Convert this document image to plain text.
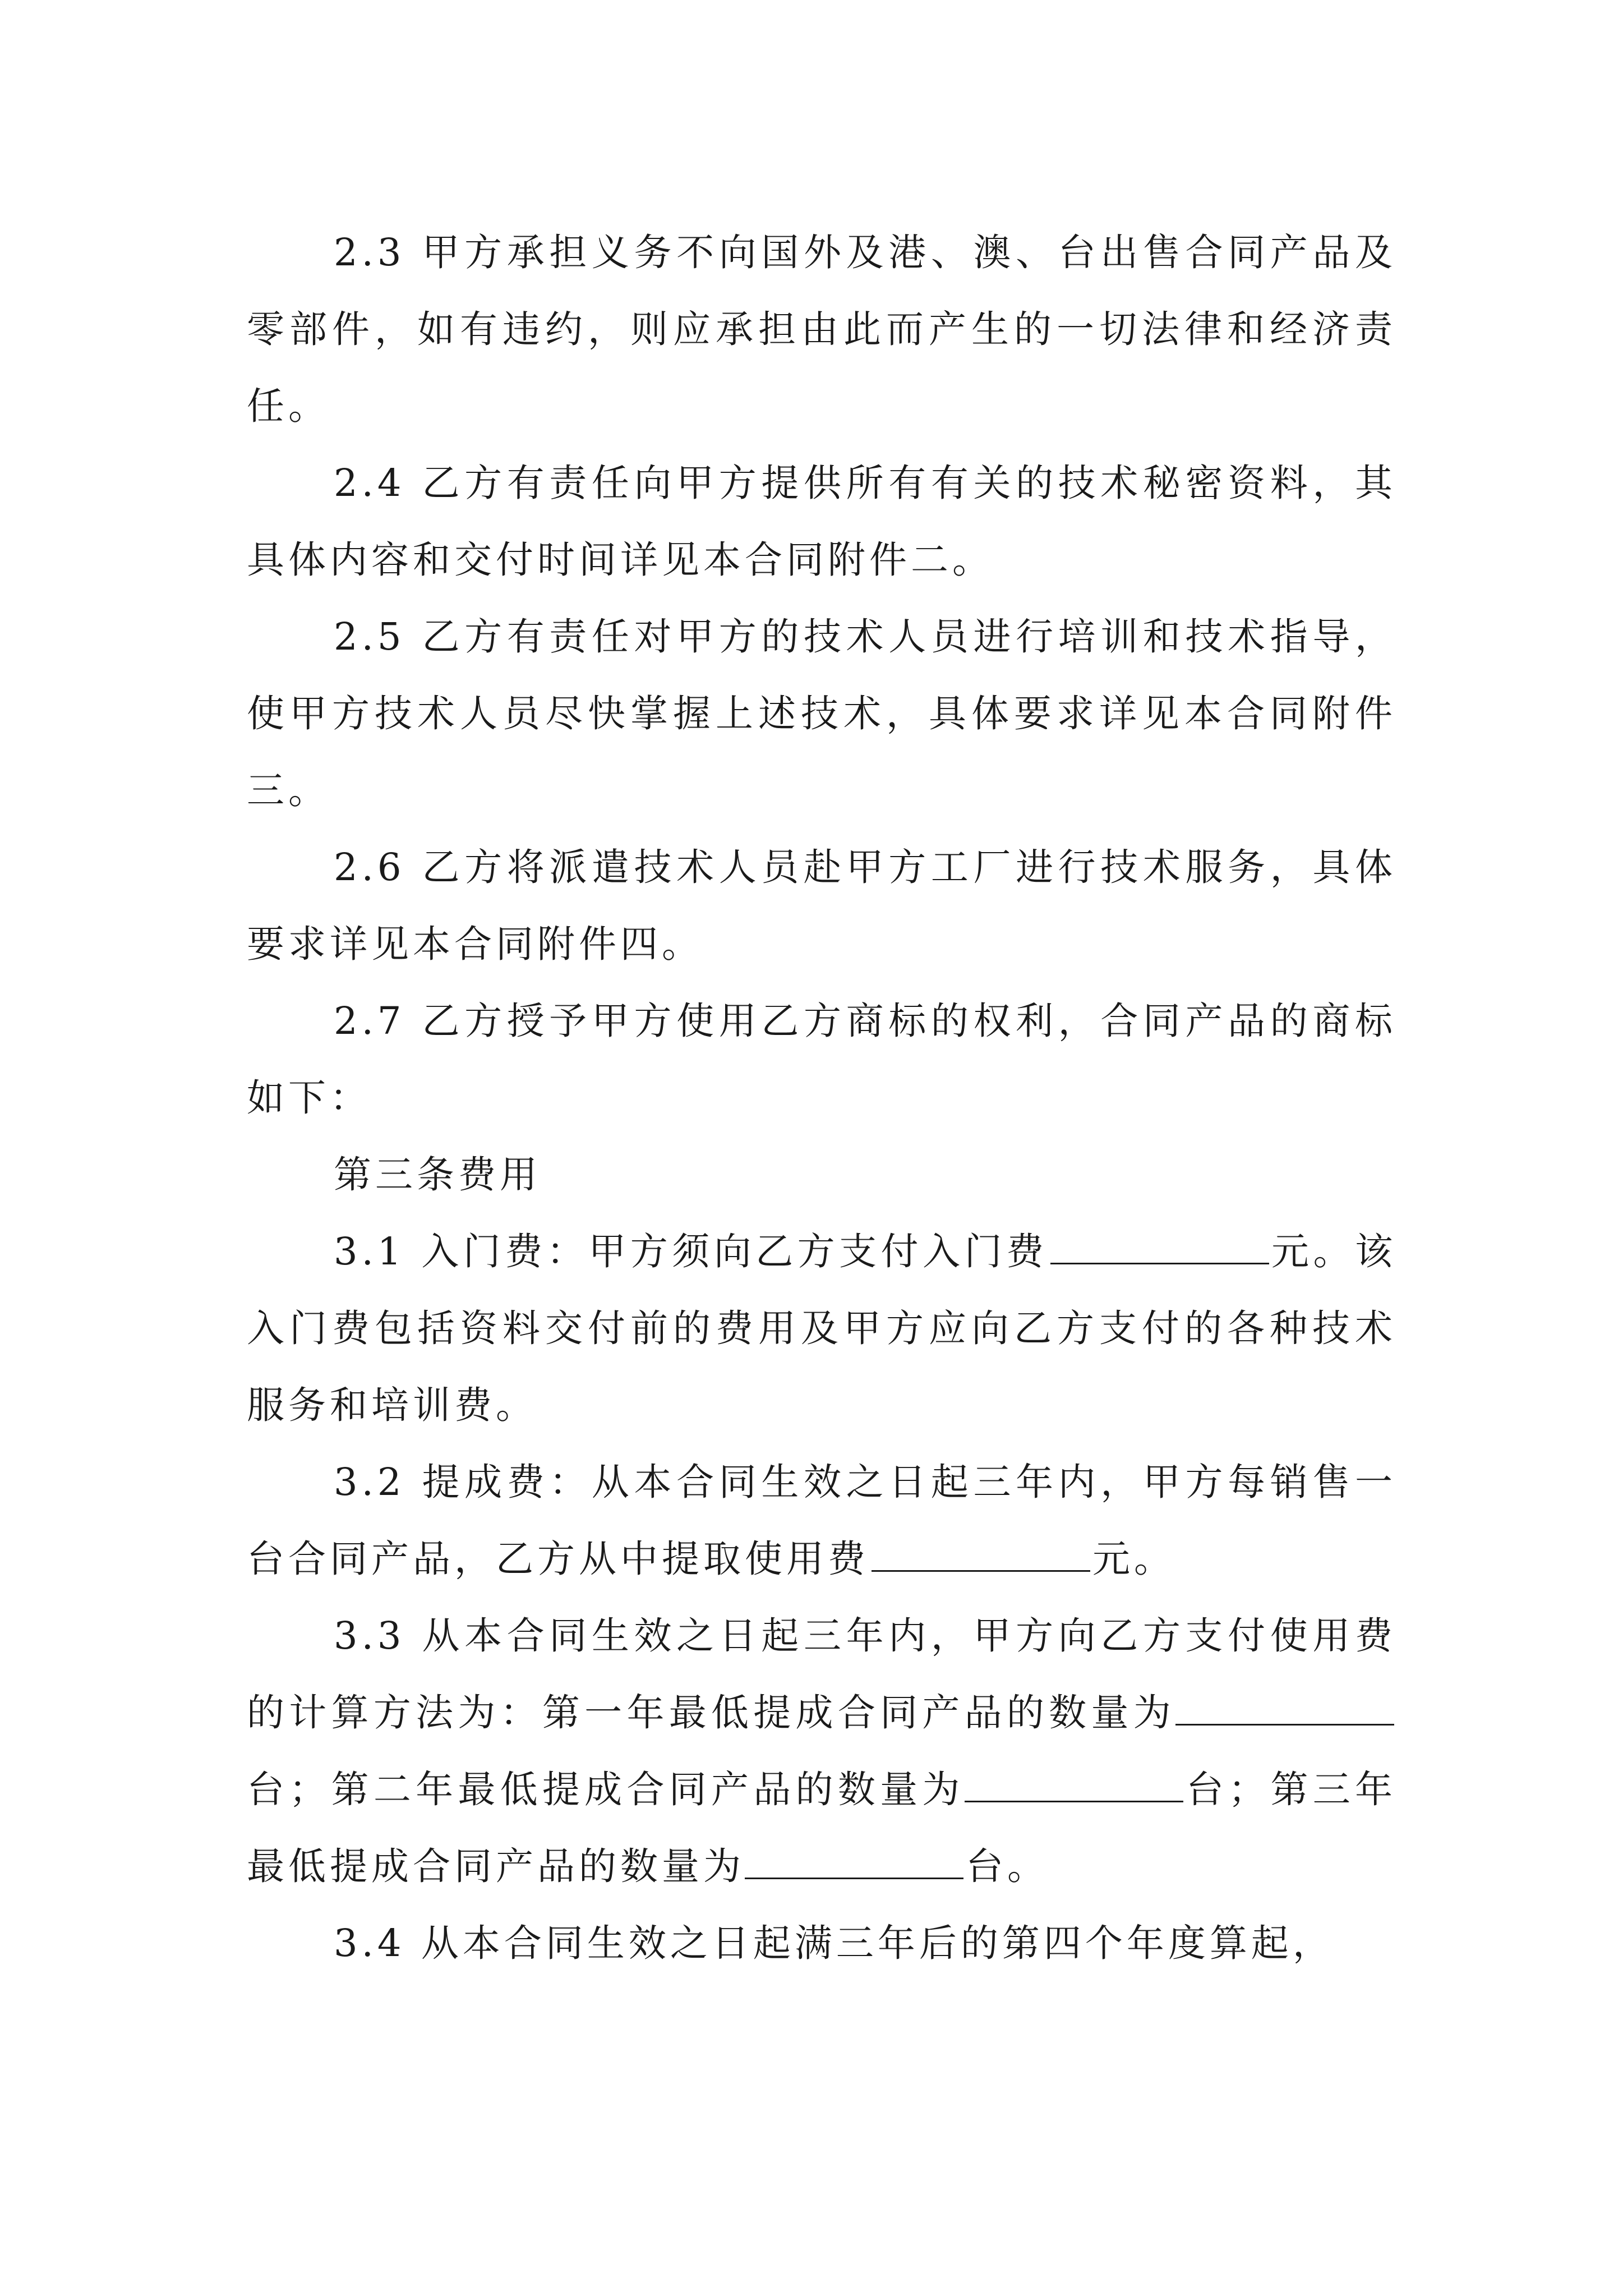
2.3 甲方承担义务不向国外及港、澳、台出售合同产品及零部件，如有违约，则应承担由此而产生的一切法律和经济责任。

2.4 乙方有责任向甲方提供所有有关的技术秘密资料，其具体内容和交付时间详见本合同附件二。

2.5 乙方有责任对甲方的技术人员进行培训和技术指导，使甲方技术人员尽快掌握上述技术，具体要求详见本合同附件三。

2.6 乙方将派遣技术人员赴甲方工厂进行技术服务，具体要求详见本合同附件四。

2.7 乙方授予甲方使用乙方商标的权利，合同产品的商标如下：

第三条费用

3.1 入门费：甲方须向乙方支付入门费	元。该入门费包括资料交付前的费用及甲方应向乙方支付的各种技术服务和培训费。

3.2 提成费：从本合同生效之日起三年内，甲方每销售一台合同产品，乙方从中提取使用费	元。

3.3 从本合同生效之日起三年内，甲方向乙方支付使用费的计算方法为：第一年最低提成合同产品的数量为台；第二年最低提成合同产品的数量为	台；第三年最低提成合同产品的数量为	台。

3.4 从本合同生效之日起满三年后的第四个年度算起，
